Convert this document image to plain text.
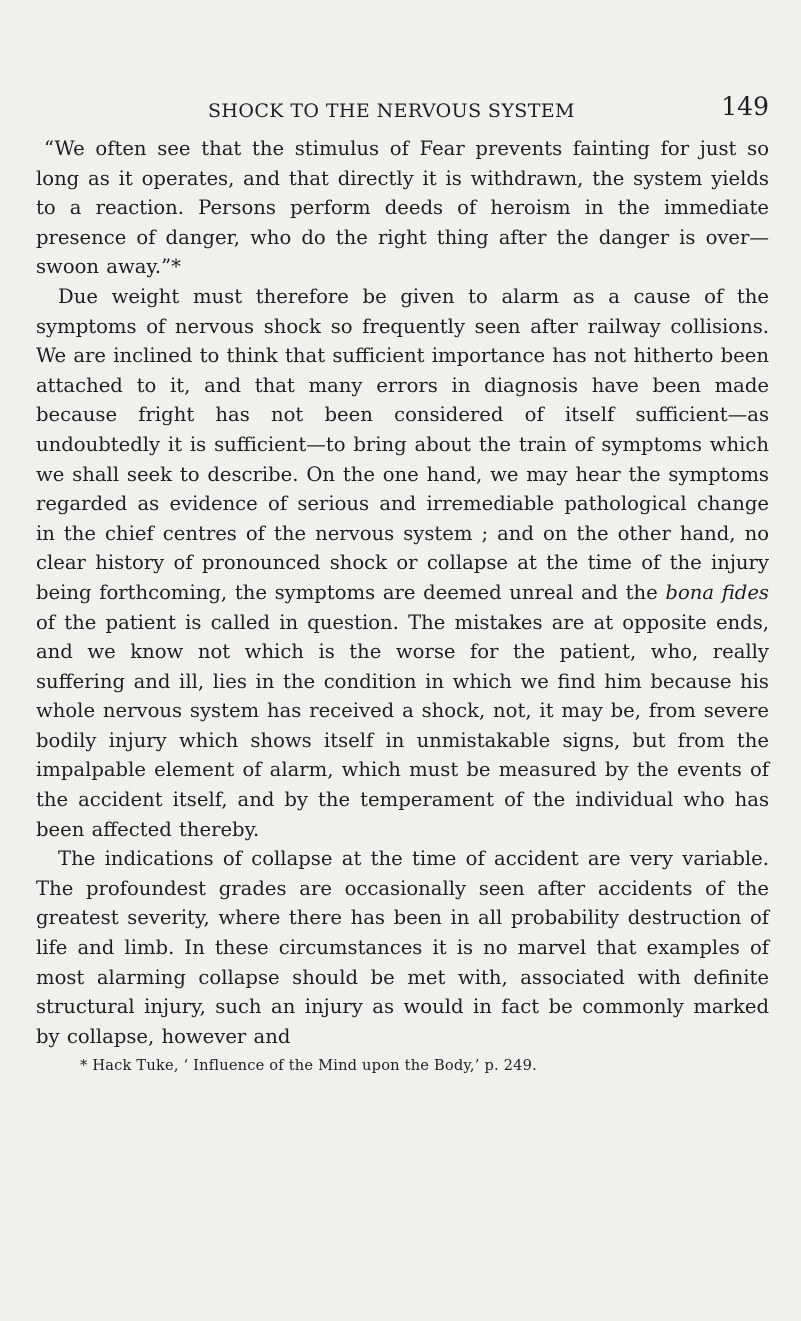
SHOCK TO THE NERVOUS SYSTEM	149

“We often see that the stimulus of Fear prevents fainting for just so long as it operates, and that directly it is withdrawn, the system yields to a reaction. Persons perform deeds of heroism in the immediate presence of danger, who do the right thing after the danger is over—swoon away.”*

Due weight must therefore be given to alarm as a cause of the symptoms of nervous shock so frequently seen after railway collisions. We are inclined to think that sufficient importance has not hitherto been attached to it, and that many errors in diagnosis have been made because fright has not been considered of itself sufficient—as undoubtedly it is sufficient—to bring about the train of symptoms which we shall seek to describe. On the one hand, we may hear the symptoms regarded as evidence of serious and irremediable pathological change in the chief centres of the nervous system ; and on the other hand, no clear history of pronounced shock or collapse at the time of the injury being forthcoming, the symptoms are deemed unreal and the bona fides of the patient is called in question. The mistakes are at opposite ends, and we know not which is the worse for the patient, who, really suffering and ill, lies in the condition in which we find him because his whole nervous system has received a shock, not, it may be, from severe bodily injury which shows itself in unmistakable signs, but from the impalpable element of alarm, which must be measured by the events of the accident itself, and by the temperament of the individual who has been affected thereby.

The indications of collapse at the time of accident are very variable. The profoundest grades are occasionally seen after accidents of the greatest severity, where there has been in all probability destruction of life and limb. In these circumstances it is no marvel that examples of most alarming collapse should be met with, associated with definite structural injury, such an injury as would in fact be commonly marked by collapse, however and

* Hack Tuke, ‘ Influence of the Mind upon the Body,’ p. 249.
